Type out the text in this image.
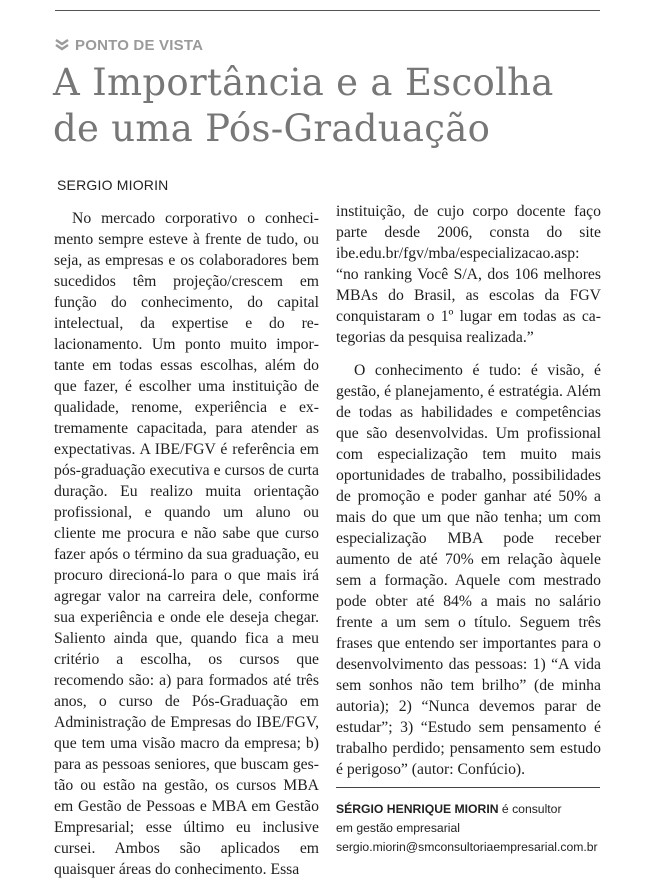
PONTO DE VISTA
A Importância e a Escolha
de uma Pós-Graduação
SERGIO MIORIN

No mercado corporativo o conhecimento sempre esteve à frente de tudo, ou seja, as empresas e os colaboradores bem sucedidos têm projeção/crescem em função do conhecimento, do capital intelectual, da expertise e do relacionamento. Um ponto muito importante em todas essas escolhas, além do que fazer, é escolher uma instituição de qualidade, renome, experiência e extremamente capacitada, para atender as expectativas. A IBE/FGV é referência em pós-graduação executiva e cursos de curta duração. Eu realizo muita orientação profissional, e quando um aluno ou cliente me procura e não sabe que curso fazer após o término da sua graduação, eu procuro direcioná-lo para o que mais irá agregar valor na carreira dele, conforme sua experiência e onde ele deseja chegar. Saliento ainda que, quando fica a meu critério a escolha, os cursos que recomendo são: a) para formados até três anos, o curso de Pós-Graduação em Administração de Empresas do IBE/FGV, que tem uma visão macro da empresa; b) para as pessoas seniores, que buscam gestão ou estão na gestão, os cursos MBA em Gestão de Pessoas e MBA em Gestão Empresarial; esse último eu inclusive cursei. Ambos são aplicados em quaisquer áreas do conhecimento. Essa

instituição, de cujo corpo docente faço parte desde 2006, consta do site ibe.edu.br/fgv/mba/especializacao.asp: “no ranking Você S/A, dos 106 melhores MBAs do Brasil, as escolas da FGV conquistaram o 1º lugar em todas as categorias da pesquisa realizada.”

O conhecimento é tudo: é visão, é gestão, é planejamento, é estratégia. Além de todas as habilidades e competências que são desenvolvidas. Um profissional com especialização tem muito mais oportunidades de trabalho, possibilidades de promoção e poder ganhar até 50% a mais do que um que não tenha; um com especialização MBA pode receber aumento de até 70% em relação àquele sem a formação. Aquele com mestrado pode obter até 84% a mais no salário frente a um sem o título. Seguem três frases que entendo ser importantes para o desenvolvimento das pessoas: 1) “A vida sem sonhos não tem brilho” (de minha autoria); 2) “Nunca devemos parar de estudar”; 3) “Estudo sem pensamento é trabalho perdido; pensamento sem estudo é perigoso” (autor: Confúcio).

SÉRGIO HENRIQUE MIORIN é consultor
em gestão empresarial
sergio.miorin@smconsultoriaempresarial.com.br
